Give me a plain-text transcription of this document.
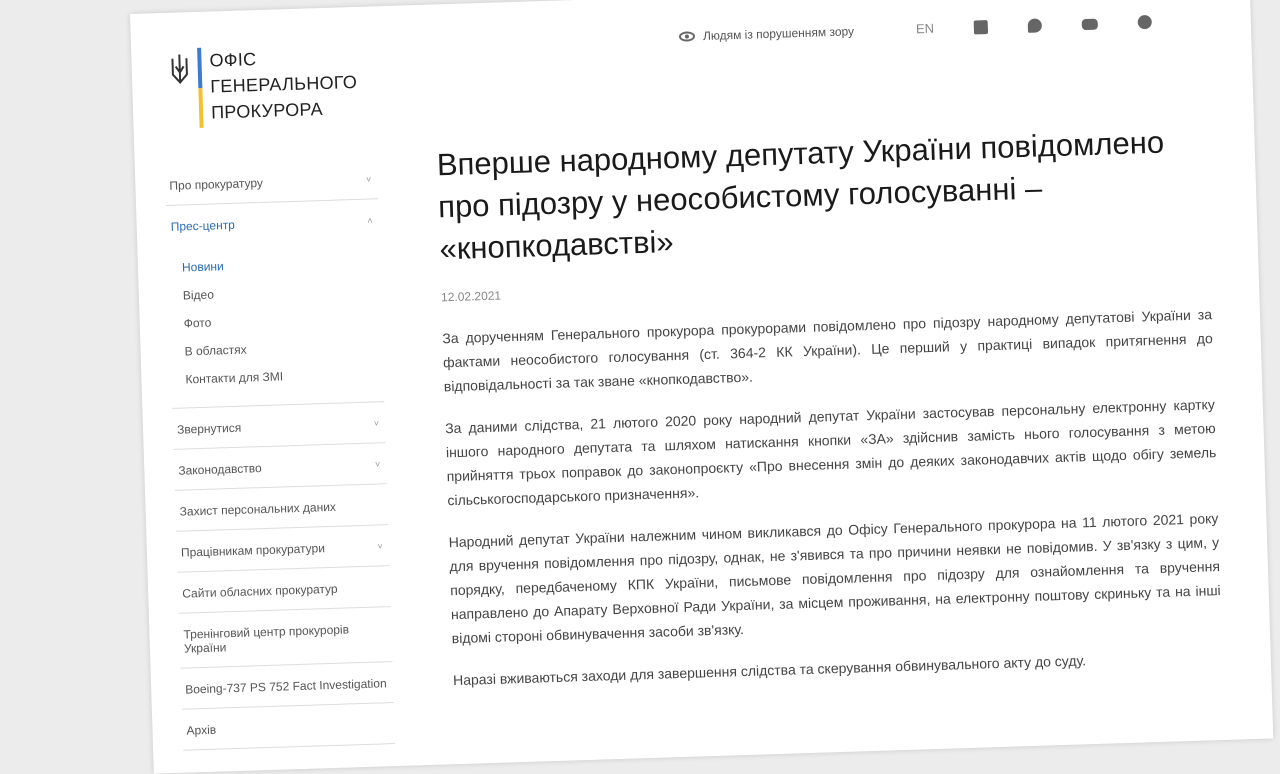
Людям із порушенням зору	EN
ОФІС
ГЕНЕРАЛЬНОГО
ПРОКУРОРА
Про прокуратуру	˅
Прес-центр	˄
Новини
Відео
Фото
В областях
Контакти для ЗМІ
Звернутися	˅
Законодавство	˅
Захист персональних даних
Працівникам прокуратури	˅
Сайти обласних прокуратур
Тренінговий центр прокурорів України
Boeing-737 PS 752 Fact Investigation
Архів
Вперше народному депутату України повідомлено про підозру у неособистому голосуванні – «кнопкодавстві»
12.02.2021

За дорученням Генерального прокурора прокурорами повідомлено про підозру народному депутатові України за фактами неособистого голосування (ст. 364-2 КК України). Це перший у практиці випадок притягнення до відповідальності за так зване «кнопкодавство».

За даними слідства, 21 лютого 2020 року народний депутат України застосував персональну електронну картку іншого народного депутата та шляхом натискання кнопки «ЗА» здійснив замість нього голосування з метою прийняття трьох поправок до законопроєкту «Про внесення змін до деяких законодавчих актів щодо обігу земель сільськогосподарського призначення».

Народний депутат України належним чином викликався до Офісу Генерального прокурора на 11 лютого 2021 року для вручення повідомлення про підозру, однак, не з'явився та про причини неявки не повідомив. У зв'язку з цим, у порядку, передбаченому КПК України, письмове повідомлення про підозру для ознайомлення та вручення направлено до Апарату Верховної Ради України, за місцем проживання, на електронну поштову скриньку та на інші відомі стороні обвинувачення засоби зв'язку.

Наразі вживаються заходи для завершення слідства та скерування обвинувального акту до суду.
